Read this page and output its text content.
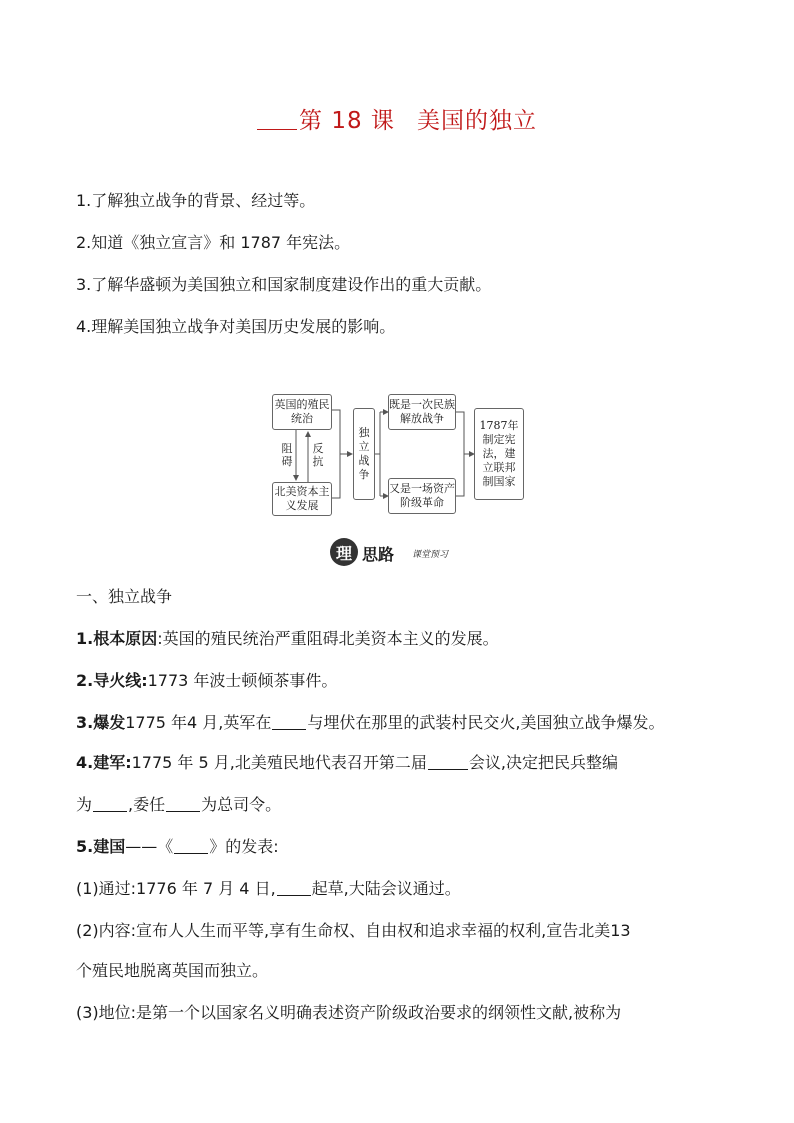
第 18 课 美国的独立
1.了解独立战争的背景、经过等。
2.知道《独立宣言》和 1787 年宪法。
3.了解华盛顿为美国独立和国家制度建设作出的重大贡献。
4.理解美国独立战争对美国历史发展的影响。
英国的殖民统治
阻碍
反抗
北美资本主义发展
独立战争
既是一次民族解放战争
又是一场资产阶级革命
1787年制定宪法，建立联邦制国家
理 思路 课堂预习
一、独立战争
1.根本原因:英国的殖民统治严重阻碍北美资本主义的发展。
2.导火线:1773 年波士顿倾茶事件。
3.爆发1775 年4 月,英军在 与埋伏在那里的武装村民交火,美国独立战争爆发。
4.建军:1775 年 5 月,北美殖民地代表召开第二届	会议,决定把民兵整编
为 ,委任 为总司令。
5.建国——《 》的发表:
(1)通过:1776 年 7 月 4 日, 起草,大陆会议通过。
(2)内容:宣布人人生而平等,享有生命权、自由权和追求幸福的权利,宣告北美13
个殖民地脱离英国而独立。
(3)地位:是第一个以国家名义明确表述资产阶级政治要求的纲领性文献,被称为
